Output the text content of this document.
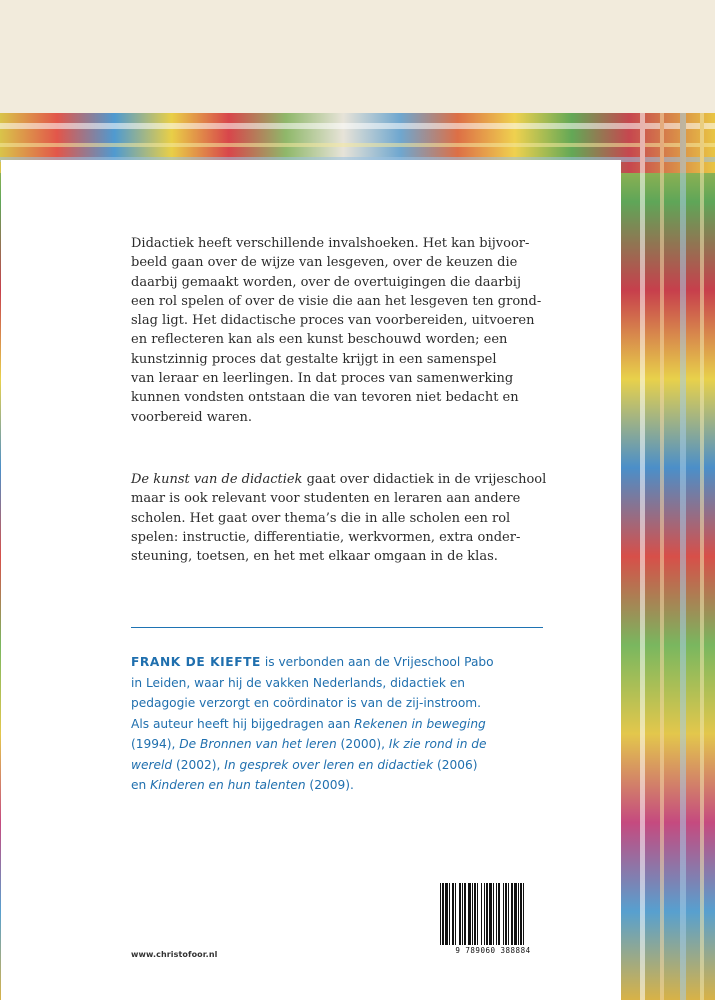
Didactiek heeft verschillende invalshoeken. Het kan bijvoor-
beeld gaan over de wijze van lesgeven, over de keuzen die
daarbij gemaakt worden, over de overtuigingen die daarbij
een rol spelen of over de visie die aan het lesgeven ten grond-
slag ligt. Het didactische proces van voorbereiden, uitvoeren
en reflecteren kan als een kunst beschouwd worden; een
kunstzinnig proces dat gestalte krijgt in een samenspel
van leraar en leerlingen. In dat proces van samenwerking
kunnen vondsten ontstaan die van tevoren niet bedacht en
voorbereid waren.
De kunst van de didactiek gaat over didactiek in de vrijeschool
maar is ook relevant voor studenten en leraren aan andere
scholen. Het gaat over thema’s die in alle scholen een rol
spelen: instructie, differentiatie, werkvormen, extra onder-
steuning, toetsen, en het met elkaar omgaan in de klas.
FRANK DE KIEFTE is verbonden aan de Vrijeschool Pabo
in Leiden, waar hij de vakken Nederlands, didactiek en
pedagogie verzorgt en coördinator is van de zij-instroom.
Als auteur heeft hij bijgedragen aan Rekenen in beweging
(1994), De Bronnen van het leren (2000), Ik zie rond in de
wereld (2002), In gesprek over leren en didactiek (2006)
en Kinderen en hun talenten (2009).
www.christofoor.nl	9 789060 388884
